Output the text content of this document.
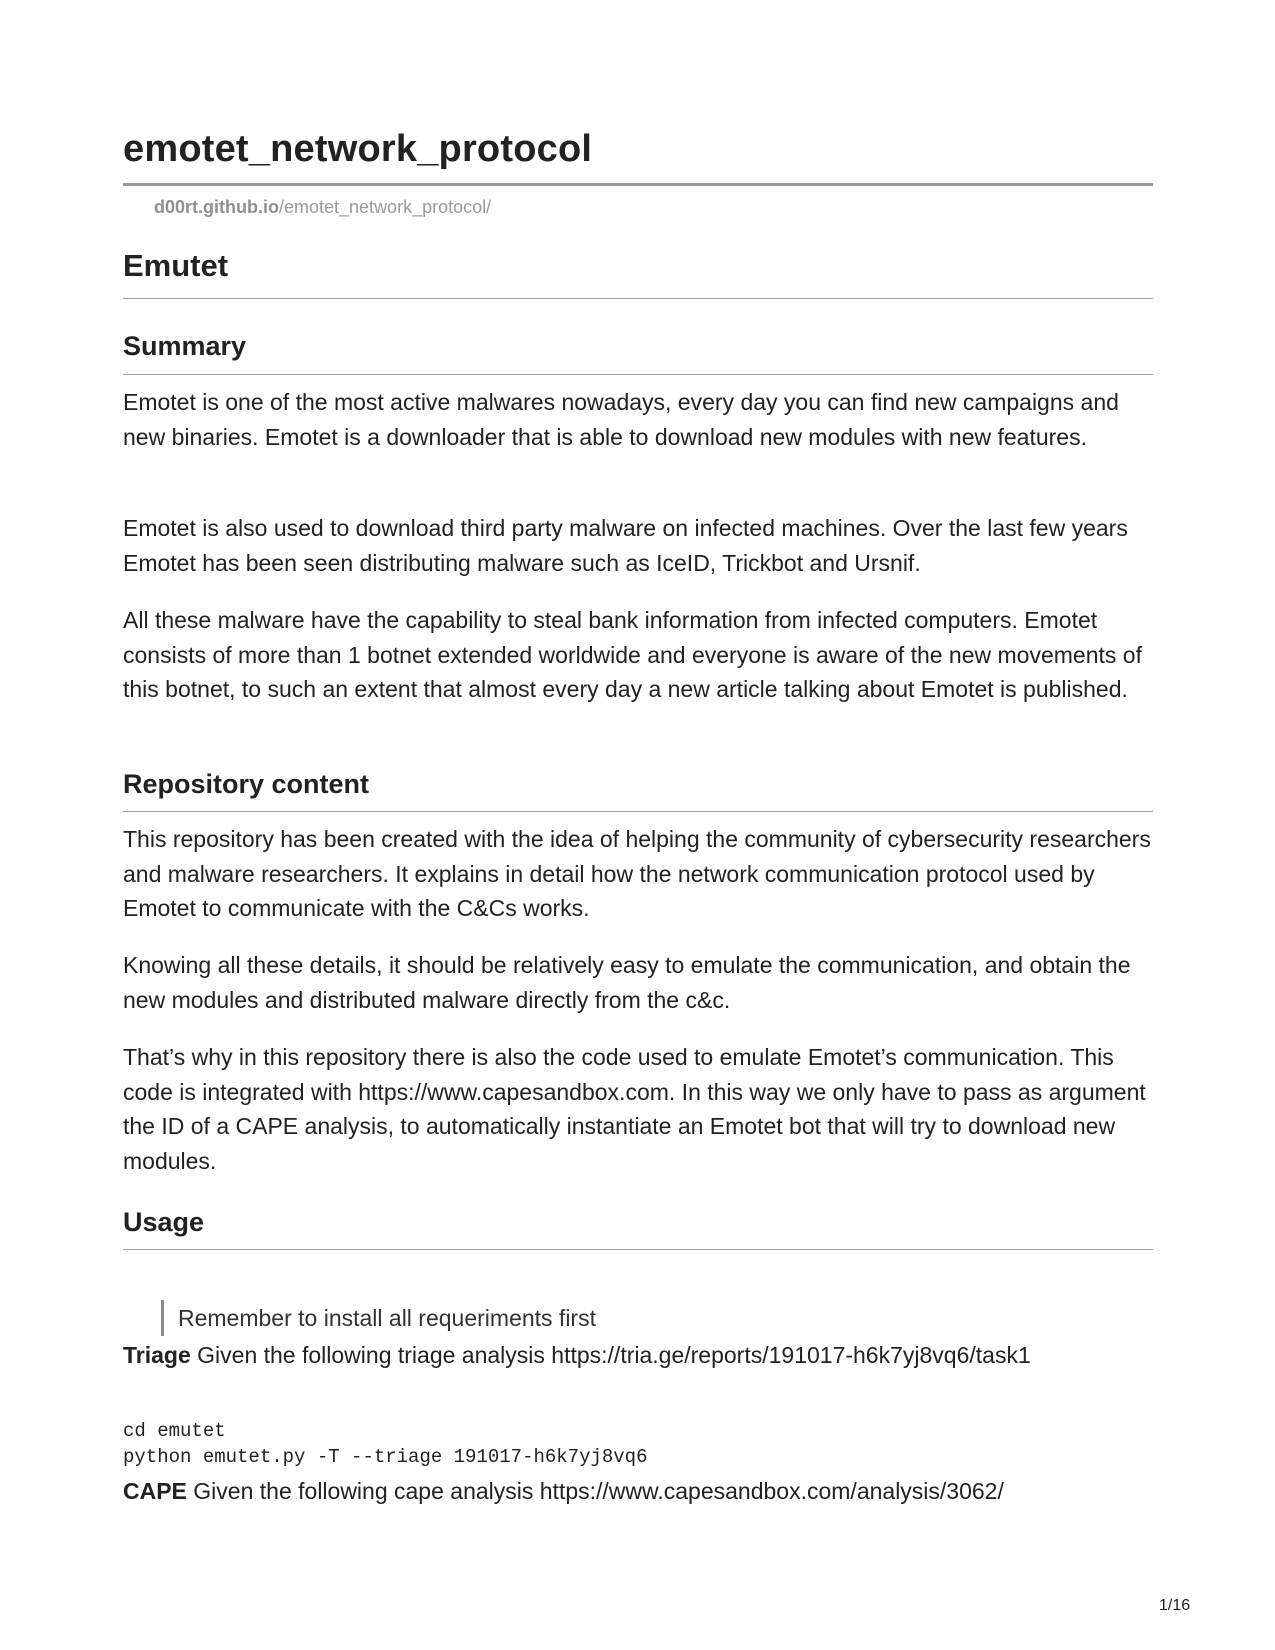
emotet_network_protocol
d00rt.github.io/emotet_network_protocol/
Emutet
Summary

Emotet is one of the most active malwares nowadays, every day you can find new campaigns and new binaries. Emotet is a downloader that is able to download new modules with new features.

Emotet is also used to download third party malware on infected machines. Over the last few years Emotet has been seen distributing malware such as IceID, Trickbot and Ursnif.

All these malware have the capability to steal bank information from infected computers. Emotet consists of more than 1 botnet extended worldwide and everyone is aware of the new movements of this botnet, to such an extent that almost every day a new article talking about Emotet is published.

Repository content

This repository has been created with the idea of helping the community of cybersecurity researchers and malware researchers. It explains in detail how the network communication protocol used by Emotet to communicate with the C&Cs works.

Knowing all these details, it should be relatively easy to emulate the communication, and obtain the new modules and distributed malware directly from the c&c.

That’s why in this repository there is also the code used to emulate Emotet’s communication. This code is integrated with https://www.capesandbox.com. In this way we only have to pass as argument the ID of a CAPE analysis, to automatically instantiate an Emotet bot that will try to download new modules.

Usage
Remember to install all requeriments first

Triage Given the following triage analysis https://tria.ge/reports/191017-h6k7yj8vq6/task1

cd emutet
python emutet.py -T --triage 191017-h6k7yj8vq6

CAPE Given the following cape analysis https://www.capesandbox.com/analysis/3062/

1/16
